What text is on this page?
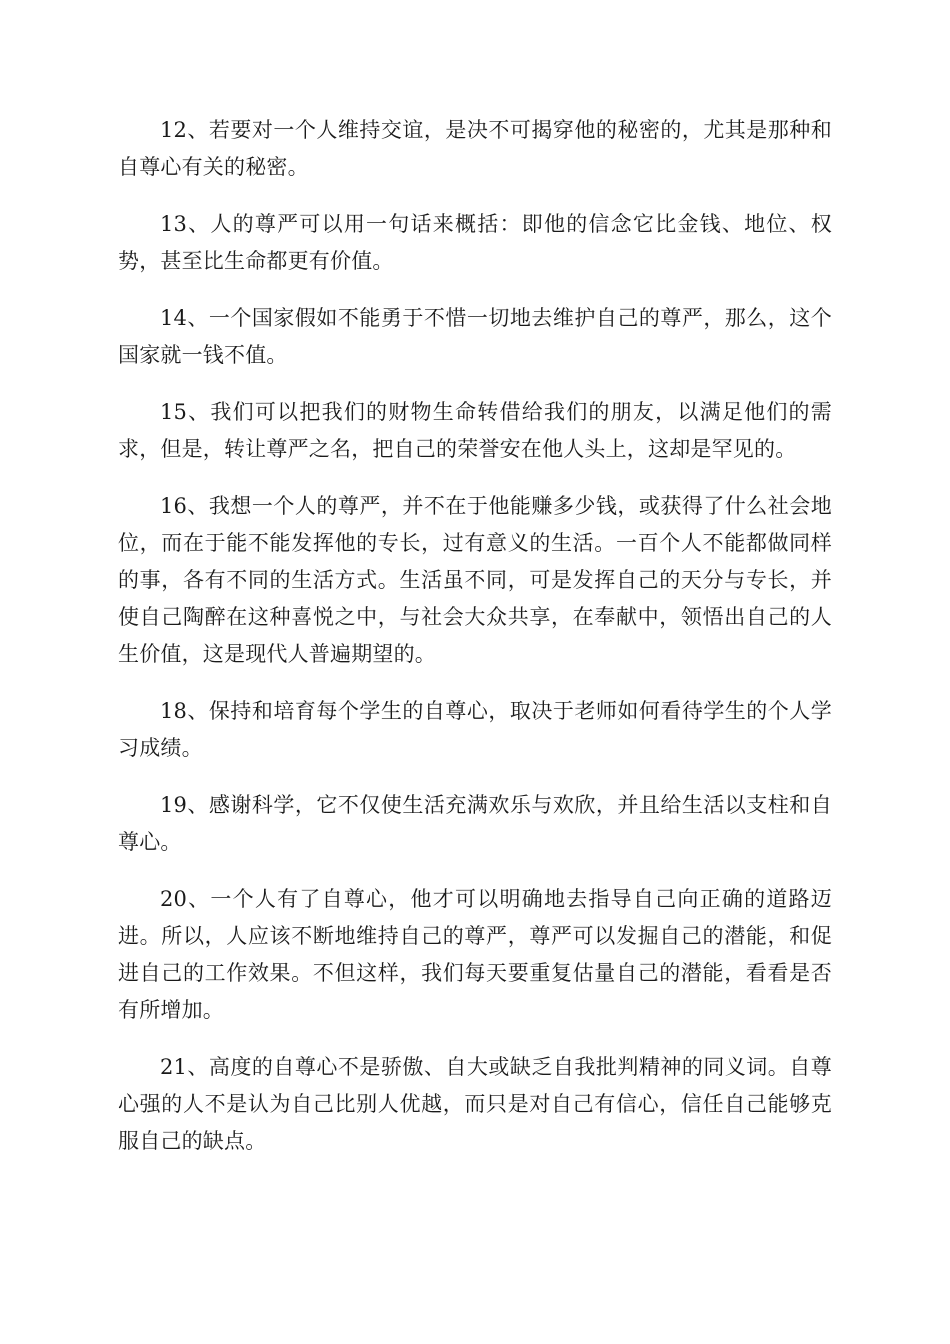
12、若要对一个人维持交谊，是决不可揭穿他的秘密的，尤其是那种和自尊心有关的秘密。

13、人的尊严可以用一句话来概括：即他的信念它比金钱、地位、权势，甚至比生命都更有价值。

14、一个国家假如不能勇于不惜一切地去维护自己的尊严，那么，这个国家就一钱不值。

15、我们可以把我们的财物生命转借给我们的朋友，以满足他们的需求，但是，转让尊严之名，把自己的荣誉安在他人头上，这却是罕见的。

16、我想一个人的尊严，并不在于他能赚多少钱，或获得了什么社会地位，而在于能不能发挥他的专长，过有意义的生活。一百个人不能都做同样的事，各有不同的生活方式。生活虽不同，可是发挥自己的天分与专长，并使自己陶醉在这种喜悦之中，与社会大众共享，在奉献中，领悟出自己的人生价值，这是现代人普遍期望的。

18、保持和培育每个学生的自尊心，取决于老师如何看待学生的个人学习成绩。

19、感谢科学，它不仅使生活充满欢乐与欢欣，并且给生活以支柱和自尊心。

20、一个人有了自尊心，他才可以明确地去指导自己向正确的道路迈进。所以，人应该不断地维持自己的尊严，尊严可以发掘自己的潜能，和促进自己的工作效果。不但这样，我们每天要重复估量自己的潜能，看看是否有所增加。

21、高度的自尊心不是骄傲、自大或缺乏自我批判精神的同义词。自尊心强的人不是认为自己比别人优越，而只是对自己有信心，信任自己能够克服自己的缺点。
